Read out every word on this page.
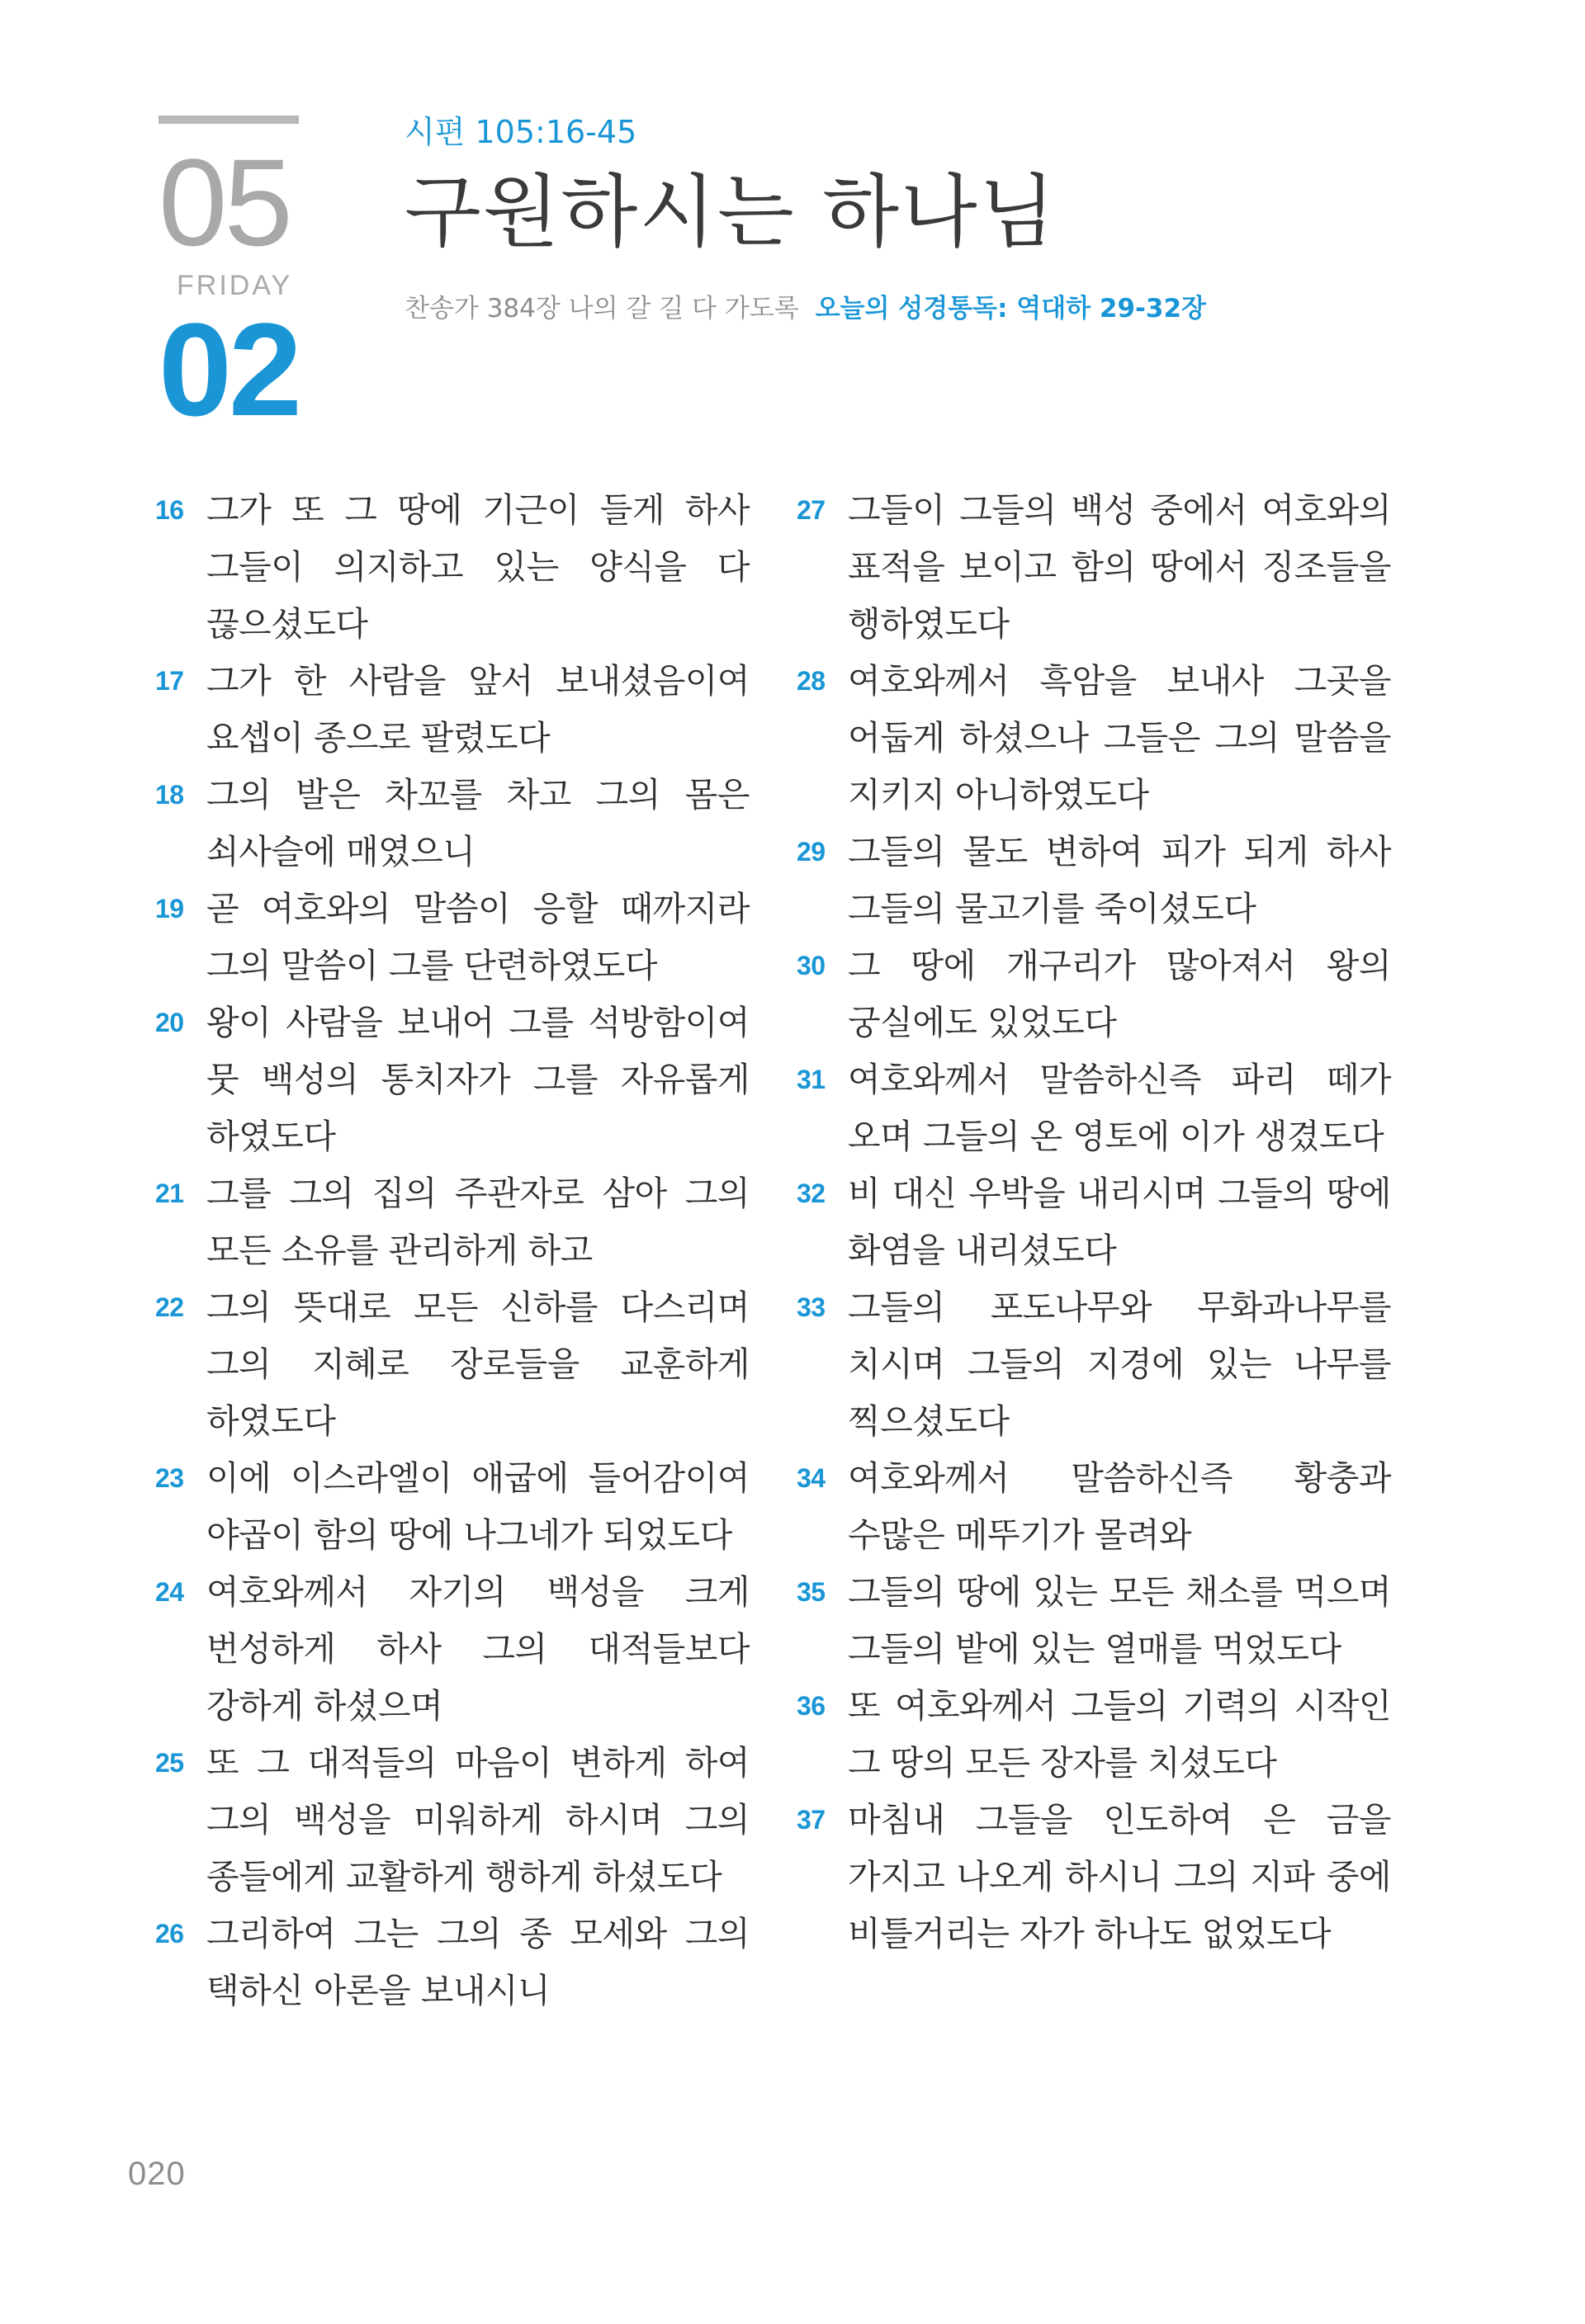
05
FRIDAY
02
시편 105:16-45
구원하시는 하나님
찬송가 384장 나의 갈 길 다 가도록 오늘의 성경통독: 역대하 29-32장
16 그가 또 그 땅에 기근이 들게 하사 그들이 의지하고 있는 양식을 다 끊으셨도다
17 그가 한 사람을 앞서 보내셨음이여 요셉이 종으로 팔렸도다
18 그의 발은 차꼬를 차고 그의 몸은 쇠사슬에 매였으니
19 곧 여호와의 말씀이 응할 때까지라 그의 말씀이 그를 단련하였도다
20 왕이 사람을 보내어 그를 석방함이여 뭇 백성의 통치자가 그를 자유롭게 하였도다
21 그를 그의 집의 주관자로 삼아 그의 모든 소유를 관리하게 하고
22 그의 뜻대로 모든 신하를 다스리며 그의 지혜로 장로들을 교훈하게 하였도다
23 이에 이스라엘이 애굽에 들어감이여 야곱이 함의 땅에 나그네가 되었도다
24 여호와께서 자기의 백성을 크게 번성하게 하사 그의 대적들보다 강하게 하셨으며
25 또 그 대적들의 마음이 변하게 하여 그의 백성을 미워하게 하시며 그의 종들에게 교활하게 행하게 하셨도다
26 그리하여 그는 그의 종 모세와 그의 택하신 아론을 보내시니
27 그들이 그들의 백성 중에서 여호와의 표적을 보이고 함의 땅에서 징조들을 행하였도다
28 여호와께서 흑암을 보내사 그곳을 어둡게 하셨으나 그들은 그의 말씀을 지키지 아니하였도다
29 그들의 물도 변하여 피가 되게 하사 그들의 물고기를 죽이셨도다
30 그 땅에 개구리가 많아져서 왕의 궁실에도 있었도다
31 여호와께서 말씀하신즉 파리 떼가 오며 그들의 온 영토에 이가 생겼도다
32 비 대신 우박을 내리시며 그들의 땅에 화염을 내리셨도다
33 그들의 포도나무와 무화과나무를 치시며 그들의 지경에 있는 나무를 찍으셨도다
34 여호와께서 말씀하신즉 황충과 수많은 메뚜기가 몰려와
35 그들의 땅에 있는 모든 채소를 먹으며 그들의 밭에 있는 열매를 먹었도다
36 또 여호와께서 그들의 기력의 시작인 그 땅의 모든 장자를 치셨도다
37 마침내 그들을 인도하여 은 금을 가지고 나오게 하시니 그의 지파 중에 비틀거리는 자가 하나도 없었도다
020
